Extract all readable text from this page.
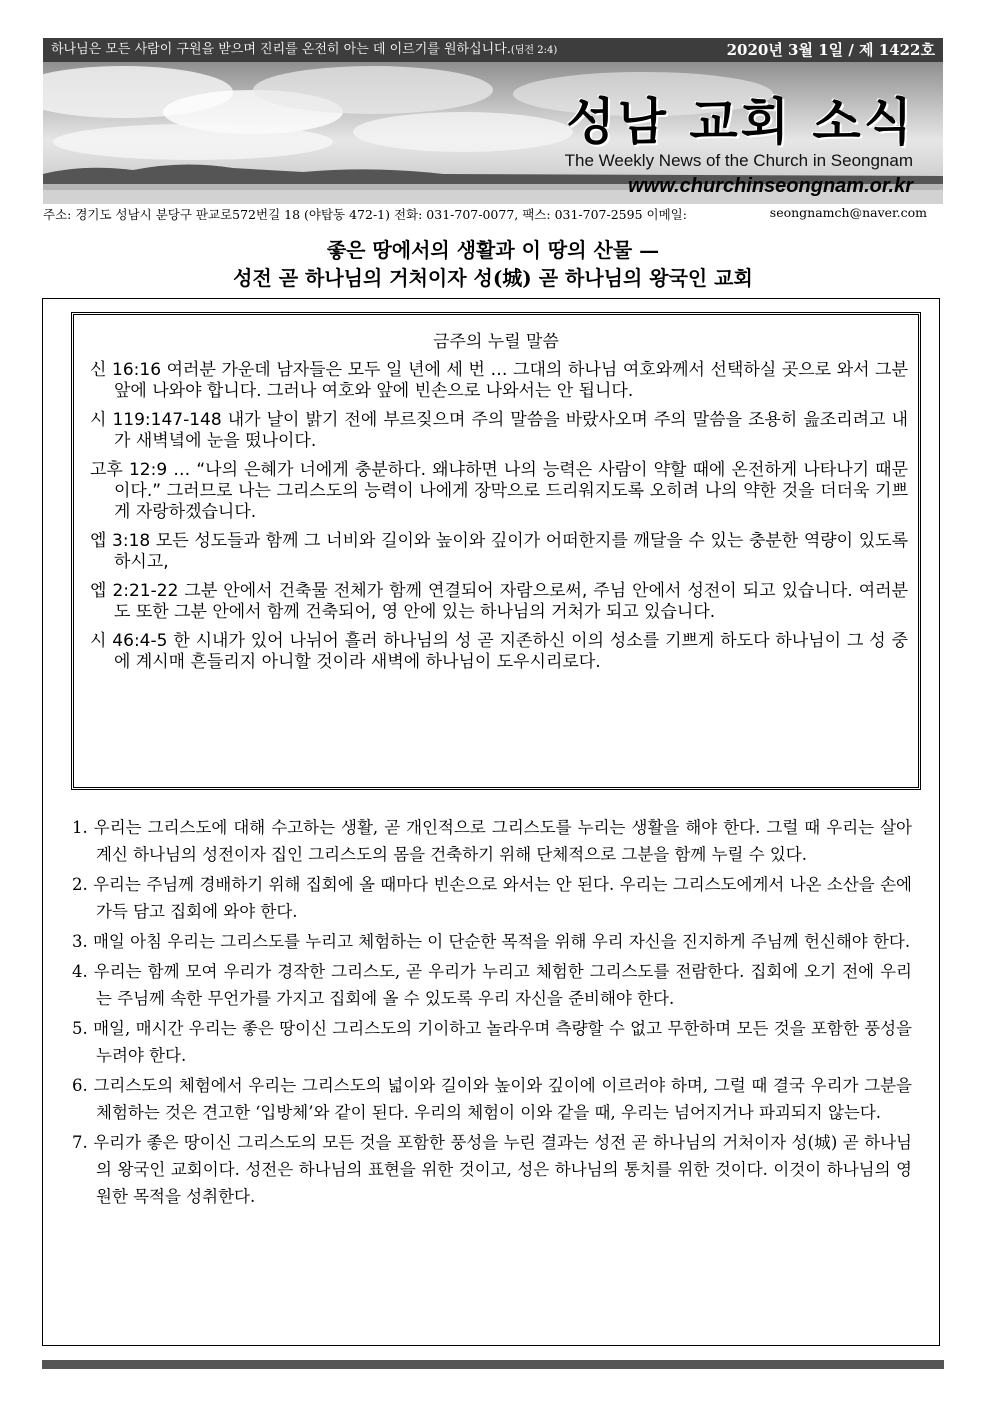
하나님은 모든 사람이 구원을 받으며 진리를 온전히 아는 데 이르기를 원하십니다.(딤전 2:4)	2020년 3월 1일 / 제 1422호
성남 교회 소식
The Weekly News of the Church in Seongnam
www.churchinseongnam.or.kr
주소: 경기도 성남시 분당구 판교로572번길 18 (야탑동 472-1) 전화: 031-707-0077, 팩스: 031-707-2595 이메일:	seongnamch@naver.com
좋은 땅에서의 생활과 이 땅의 산물 —
성전 곧 하나님의 거처이자 성(城) 곧 하나님의 왕국인 교회
금주의 누릴 말씀
신 16:16 여러분 가운데 남자들은 모두 일 년에 세 번 … 그대의 하나님 여호와께서 선택하실 곳으로 와서 그분 앞에 나와야 합니다. 그러나 여호와 앞에 빈손으로 나와서는 안 됩니다.
시 119:147-148 내가 날이 밝기 전에 부르짖으며 주의 말씀을 바랐사오며 주의 말씀을 조용히 읊조리려고 내가 새벽녘에 눈을 떴나이다.
고후 12:9 … “나의 은혜가 너에게 충분하다. 왜냐하면 나의 능력은 사람이 약할 때에 온전하게 나타나기 때문이다.” 그러므로 나는 그리스도의 능력이 나에게 장막으로 드리워지도록 오히려 나의 약한 것을 더더욱 기쁘게 자랑하겠습니다.
엡 3:18 모든 성도들과 함께 그 너비와 길이와 높이와 깊이가 어떠한지를 깨달을 수 있는 충분한 역량이 있도록 하시고,
엡 2:21-22 그분 안에서 건축물 전체가 함께 연결되어 자람으로써, 주님 안에서 성전이 되고 있습니다. 여러분도 또한 그분 안에서 함께 건축되어, 영 안에 있는 하나님의 거처가 되고 있습니다.
시 46:4-5 한 시내가 있어 나뉘어 흘러 하나님의 성 곧 지존하신 이의 성소를 기쁘게 하도다 하나님이 그 성 중에 계시매 흔들리지 아니할 것이라 새벽에 하나님이 도우시리로다.
1. 우리는 그리스도에 대해 수고하는 생활, 곧 개인적으로 그리스도를 누리는 생활을 해야 한다. 그럴 때 우리는 살아 계신 하나님의 성전이자 집인 그리스도의 몸을 건축하기 위해 단체적으로 그분을 함께 누릴 수 있다.
2. 우리는 주님께 경배하기 위해 집회에 올 때마다 빈손으로 와서는 안 된다. 우리는 그리스도에게서 나온 소산을 손에 가득 담고 집회에 와야 한다.
3. 매일 아침 우리는 그리스도를 누리고 체험하는 이 단순한 목적을 위해 우리 자신을 진지하게 주님께 헌신해야 한다.
4. 우리는 함께 모여 우리가 경작한 그리스도, 곧 우리가 누리고 체험한 그리스도를 전람한다. 집회에 오기 전에 우리는 주님께 속한 무언가를 가지고 집회에 올 수 있도록 우리 자신을 준비해야 한다.
5. 매일, 매시간 우리는 좋은 땅이신 그리스도의 기이하고 놀라우며 측량할 수 없고 무한하며 모든 것을 포함한 풍성을 누려야 한다.
6. 그리스도의 체험에서 우리는 그리스도의 넓이와 길이와 높이와 깊이에 이르러야 하며, 그럴 때 결국 우리가 그분을 체험하는 것은 견고한 ‘입방체’와 같이 된다. 우리의 체험이 이와 같을 때, 우리는 넘어지거나 파괴되지 않는다.
7. 우리가 좋은 땅이신 그리스도의 모든 것을 포함한 풍성을 누린 결과는 성전 곧 하나님의 거처이자 성(城) 곧 하나님의 왕국인 교회이다. 성전은 하나님의 표현을 위한 것이고, 성은 하나님의 통치를 위한 것이다. 이것이 하나님의 영원한 목적을 성취한다.
